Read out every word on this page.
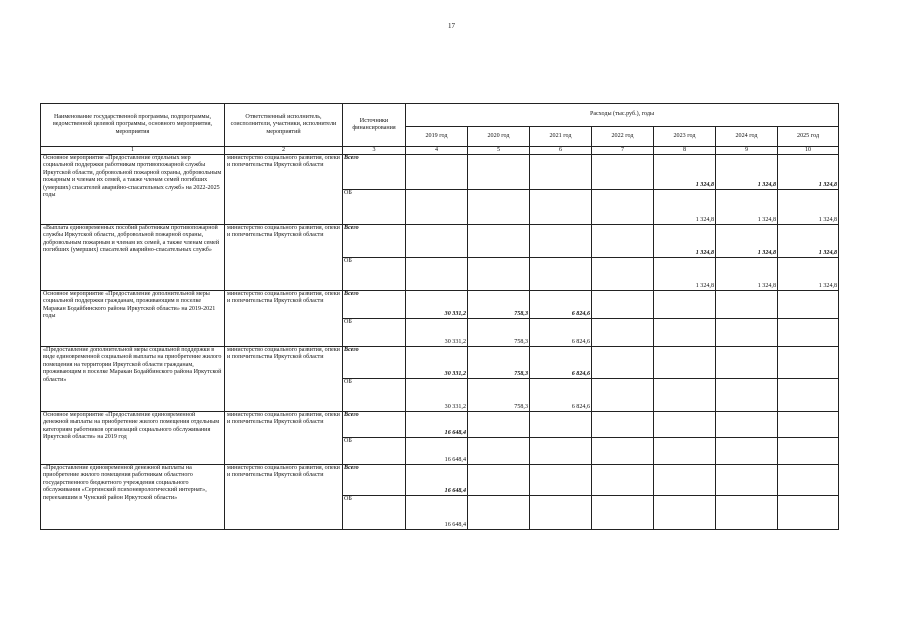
17
Наименование государственной программы, подпрограммы, ведомственной целевой программы, основного мероприятия, мероприятия	Ответственный исполнитель, соисполнители, участники, исполнители мероприятий	Источники финансирования	Расходы (тыс.руб.), годы						
			2019 год	2020 год	2021 год	2022 год	2023 год	2024 год	2025 год
1	2	3	4	5	6	7	8	9	10
Основное мероприятие «Предоставление отдельных мер социальной поддержки работникам противопожарной службы Иркутской области, добровольной пожарной охраны, добровольным пожарным и членам их семей, а также членам семей погибших (умерших) спасателей аварийно-спасательных служб» на 2022-2025 годы	министерство социального развития, опеки и попечительства Иркутской области	Всего					1 324,8	1 324,8	1 324,8
		ОБ					1 324,8	1 324,8	1 324,8
«Выплата единовременных пособий работникам противопожарной службы Иркутской области, добровольной пожарной охраны, добровольным пожарным и членам их семей, а также членам семей погибших (умерших) спасателей аварийно-спасательных служб»	министерство социального развития, опеки и попечительства Иркутской области	Всего					1 324,8	1 324,8	1 324,8
		ОБ					1 324,8	1 324,8	1 324,8
Основное мероприятие «Предоставление дополнительной меры социальной поддержки гражданам, проживающим в поселке Маракан Бодайбинского района Иркутской области» на 2019-2021 годы	министерство социального развития, опеки и попечительства Иркутской области	Всего	30 331,2	758,3	6 824,6				
		ОБ	30 331,2	758,3	6 824,6				
«Предоставление дополнительной меры социальной поддержки в виде единовременной социальной выплаты на приобретение жилого помещения на территории Иркутской области гражданам, проживающим в поселке Маракан Бодайбинского района Иркутской области»	министерство социального развития, опеки и попечительства Иркутской области	Всего	30 331,2	758,3	6 824,6				
		ОБ	30 331,2	758,3	6 824,6				
Основное мероприятие «Предоставление единовременной денежной выплаты на приобретение жилого помещения отдельным категориям работников организаций социального обслуживания Иркутской области» на 2019 год	министерство социального развития, опеки и попечительства Иркутской области	Всего	16 648,4						
		ОБ	16 648,4						
«Предоставление единовременной денежной выплаты на приобретение жилого помещения работникам областного государственного бюджетного учреждения социального обслуживания «Сергинский психоневрологический интернат», переехавшим в Чунский район Иркутской области»	министерство социального развития, опеки и попечительства Иркутской области	Всего	16 648,4						
		ОБ	16 648,4						
